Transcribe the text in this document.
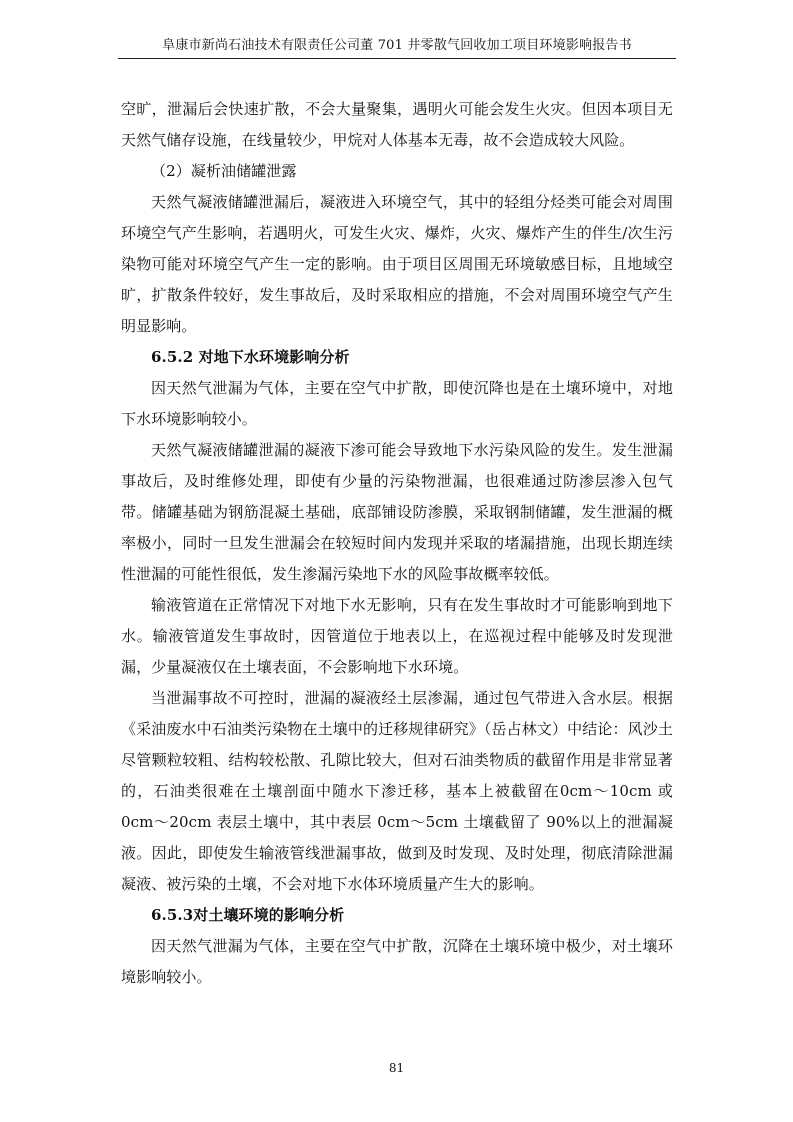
阜康市新尚石油技术有限责任公司董 701 井零散气回收加工项目环境影响报告书

空旷，泄漏后会快速扩散，不会大量聚集，遇明火可能会发生火灾。但因本项目无天然气储存设施，在线量较少，甲烷对人体基本无毒，故不会造成较大风险。

（2）凝析油储罐泄露

天然气凝液储罐泄漏后，凝液进入环境空气，其中的轻组分烃类可能会对周围环境空气产生影响，若遇明火，可发生火灾、爆炸，火灾、爆炸产生的伴生/次生污染物可能对环境空气产生一定的影响。由于项目区周围无环境敏感目标，且地域空旷，扩散条件较好，发生事故后，及时采取相应的措施，不会对周围环境空气产生明显影响。

6.5.2 对地下水环境影响分析

因天然气泄漏为气体，主要在空气中扩散，即使沉降也是在土壤环境中，对地下水环境影响较小。

天然气凝液储罐泄漏的凝液下渗可能会导致地下水污染风险的发生。发生泄漏事故后，及时维修处理，即使有少量的污染物泄漏，也很难通过防渗层渗入包气带。储罐基础为钢筋混凝土基础，底部铺设防渗膜，采取钢制储罐，发生泄漏的概率极小，同时一旦发生泄漏会在较短时间内发现并采取的堵漏措施，出现长期连续性泄漏的可能性很低，发生渗漏污染地下水的风险事故概率较低。

输液管道在正常情况下对地下水无影响，只有在发生事故时才可能影响到地下水。输液管道发生事故时，因管道位于地表以上，在巡视过程中能够及时发现泄漏，少量凝液仅在土壤表面，不会影响地下水环境。

当泄漏事故不可控时，泄漏的凝液经土层渗漏，通过包气带进入含水层。根据《采油废水中石油类污染物在土壤中的迁移规律研究》（岳占林文）中结论：风沙土尽管颗粒较粗、结构较松散、孔隙比较大，但对石油类物质的截留作用是非常显著的，石油类很难在土壤剖面中随水下渗迁移，基本上被截留在0cm～10cm 或 0cm～20cm 表层土壤中，其中表层 0cm～5cm 土壤截留了 90%以上的泄漏凝液。因此，即使发生输液管线泄漏事故，做到及时发现、及时处理，彻底清除泄漏凝液、被污染的土壤，不会对地下水体环境质量产生大的影响。

6.5.3对土壤环境的影响分析

因天然气泄漏为气体，主要在空气中扩散，沉降在土壤环境中极少，对土壤环境影响较小。

81
